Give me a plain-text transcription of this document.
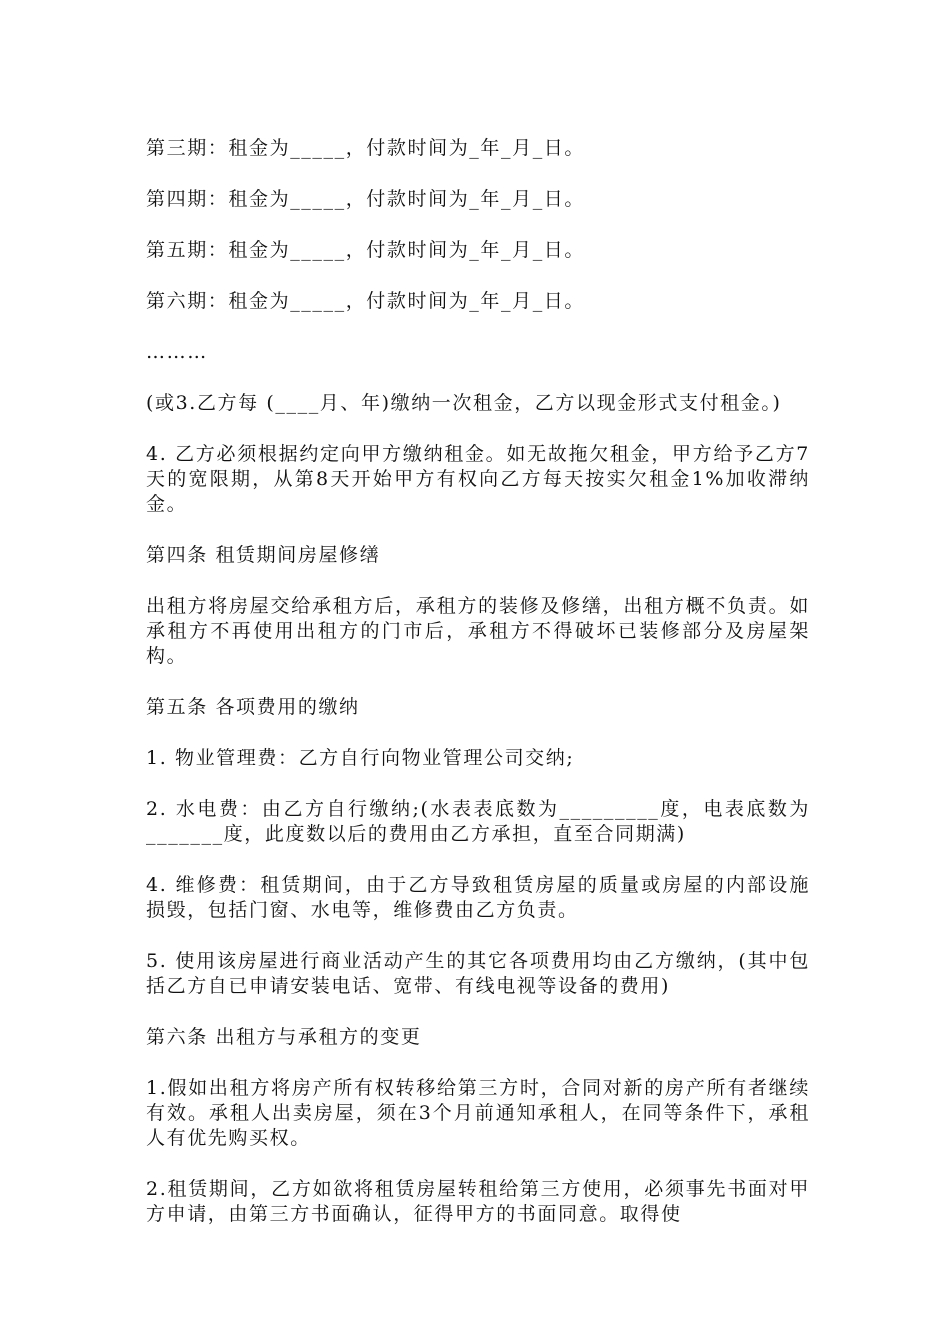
第三期：租金为_____，付款时间为_年_月_日。

第四期：租金为_____，付款时间为_年_月_日。

第五期：租金为_____，付款时间为_年_月_日。

第六期：租金为_____，付款时间为_年_月_日。

………

(或3.乙方每 (____月、年)缴纳一次租金，乙方以现金形式支付租金。)

4. 乙方必须根据约定向甲方缴纳租金。如无故拖欠租金，甲方给予乙方7天的宽限期，从第8天开始甲方有权向乙方每天按实欠租金1%加收滞纳金。

第四条 租赁期间房屋修缮

出租方将房屋交给承租方后，承租方的装修及修缮，出租方概不负责。如承租方不再使用出租方的门市后，承租方不得破坏已装修部分及房屋架构。

第五条 各项费用的缴纳

1. 物业管理费：乙方自行向物业管理公司交纳;

2. 水电费：由乙方自行缴纳;(水表表底数为_________度，电表底数为_______度，此度数以后的费用由乙方承担，直至合同期满)

4. 维修费：租赁期间，由于乙方导致租赁房屋的质量或房屋的内部设施损毁，包括门窗、水电等，维修费由乙方负责。

5. 使用该房屋进行商业活动产生的其它各项费用均由乙方缴纳，(其中包括乙方自已申请安装电话、宽带、有线电视等设备的费用)

第六条 出租方与承租方的变更

1.假如出租方将房产所有权转移给第三方时，合同对新的房产所有者继续有效。承租人出卖房屋，须在3个月前通知承租人，在同等条件下，承租人有优先购买权。

2.租赁期间，乙方如欲将租赁房屋转租给第三方使用，必须事先书面对甲方申请，由第三方书面确认，征得甲方的书面同意。取得使
